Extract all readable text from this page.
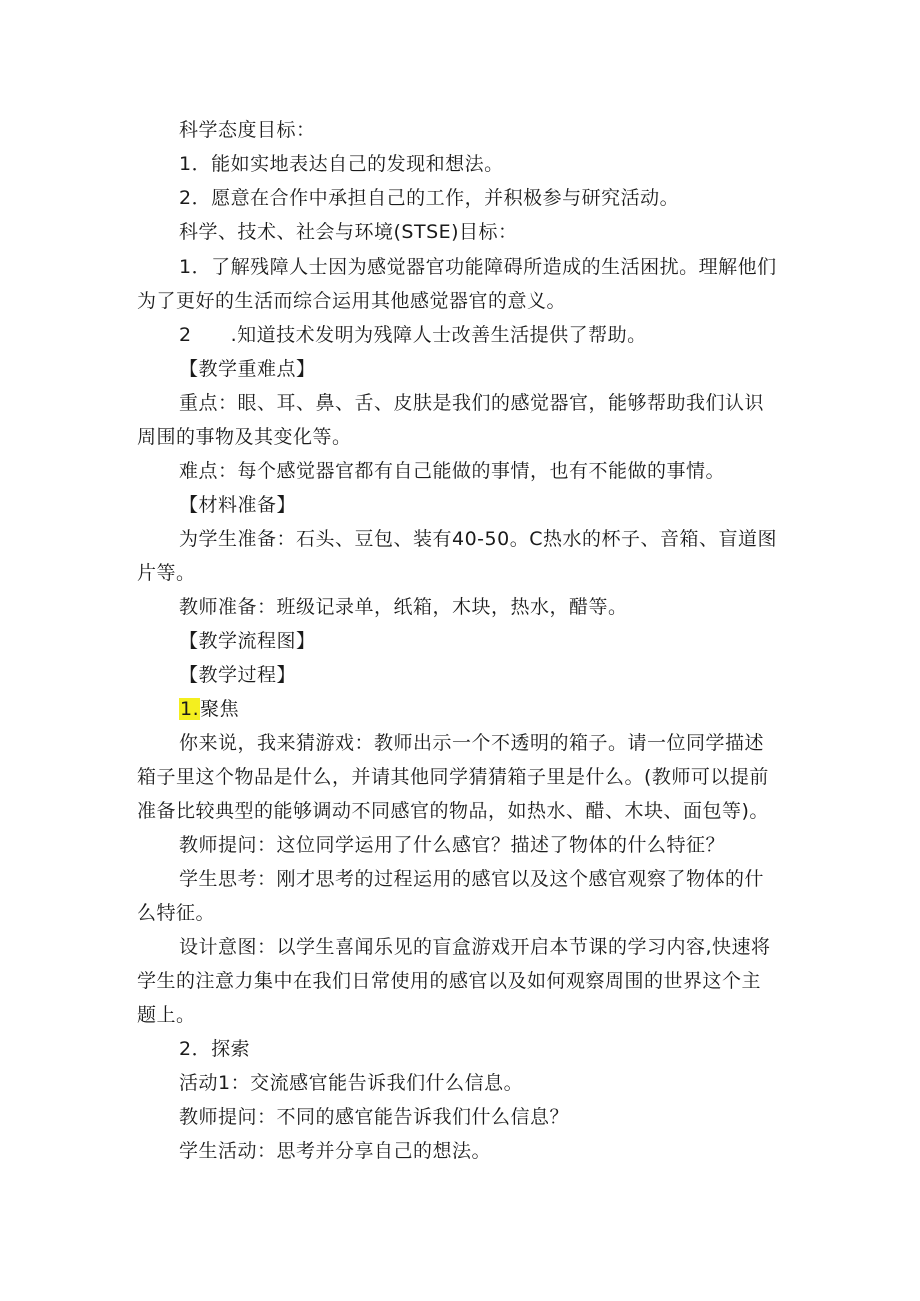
科学态度目标：
1．能如实地表达自己的发现和想法。
2．愿意在合作中承担自己的工作，并积极参与研究活动。
科学、技术、社会与环境(STSE)目标：
1．了解残障人士因为感觉器官功能障碍所造成的生活困扰。理解他们
为了更好的生活而综合运用其他感觉器官的意义。
2　　.知道技术发明为残障人士改善生活提供了帮助。
【教学重难点】
重点：眼、耳、鼻、舌、皮肤是我们的感觉器官，能够帮助我们认识
周围的事物及其变化等。
难点：每个感觉器官都有自己能做的事情，也有不能做的事情。
【材料准备】
为学生准备：石头、豆包、装有40-50。C热水的杯子、音箱、盲道图
片等。
教师准备：班级记录单，纸箱，木块，热水，醋等。
【教学流程图】
【教学过程】
1.聚焦
你来说，我来猜游戏：教师出示一个不透明的箱子。请一位同学描述
箱子里这个物品是什么，并请其他同学猜猜箱子里是什么。(教师可以提前
准备比较典型的能够调动不同感官的物品，如热水、醋、木块、面包等)。
教师提问：这位同学运用了什么感官？描述了物体的什么特征？
学生思考：刚才思考的过程运用的感官以及这个感官观察了物体的什
么特征。
设计意图：以学生喜闻乐见的盲盒游戏开启本节课的学习内容,快速将
学生的注意力集中在我们日常使用的感官以及如何观察周围的世界这个主
题上。
2．探索
活动1：交流感官能告诉我们什么信息。
教师提问：不同的感官能告诉我们什么信息？
学生活动：思考并分享自己的想法。
